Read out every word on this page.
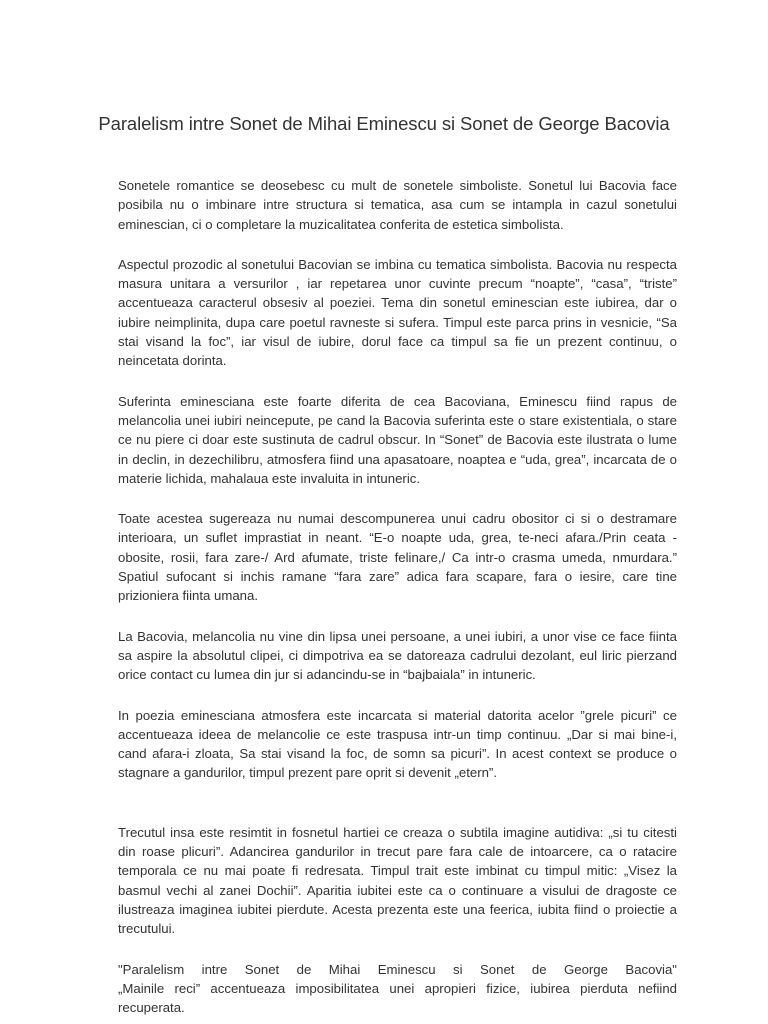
Paralelism intre Sonet de Mihai Eminescu si Sonet de George Bacovia

Sonetele romantice se deosebesc cu mult de sonetele simboliste. Sonetul lui Bacovia face posibila nu o imbinare intre structura si tematica, asa cum se intampla in cazul sonetului eminescian, ci o completare la muzicalitatea conferita de estetica simbolista.

Aspectul prozodic al sonetului Bacovian se imbina cu tematica simbolista. Bacovia nu respecta masura unitara a versurilor , iar repetarea unor cuvinte precum “noapte”, “casa”, “triste” accentueaza caracterul obsesiv al poeziei. Tema din sonetul eminescian este iubirea, dar o iubire neimplinita, dupa care poetul ravneste si sufera. Timpul este parca prins in vesnicie, “Sa stai visand la foc”, iar visul de iubire, dorul face ca timpul sa fie un prezent continuu, o neincetata dorinta.

Suferinta eminesciana este foarte diferita de cea Bacoviana, Eminescu fiind rapus de melancolia unei iubiri neincepute, pe cand la Bacovia suferinta este o stare existentiala, o stare ce nu piere ci doar este sustinuta de cadrul obscur. In “Sonet” de Bacovia este ilustrata o lume in declin, in dezechilibru, atmosfera fiind una apasatoare, noaptea e “uda, grea”, incarcata de o materie lichida, mahalaua este invaluita in intuneric.

Toate acestea sugereaza nu numai descompunerea unui cadru obositor ci si o destramare interioara, un suflet imprastiat in neant. “E-o noapte uda, grea, te-neci afara./Prin ceata - obosite, rosii, fara zare-/ Ard afumate, triste felinare,/ Ca intr-o crasma umeda, nmurdara.” Spatiul sufocant si inchis ramane “fara zare” adica fara scapare, fara o iesire, care tine prizioniera fiinta umana.

La Bacovia, melancolia nu vine din lipsa unei persoane, a unei iubiri, a unor vise ce face fiinta sa aspire la absolutul clipei, ci dimpotriva ea se datoreaza cadrului dezolant, eul liric pierzand orice contact cu lumea din jur si adancindu-se in “bajbaiala” in intuneric.

In poezia eminesciana atmosfera este incarcata si material datorita acelor ”grele picuri” ce accentueaza ideea de melancolie ce este traspusa intr-un timp continuu. „Dar si mai bine-i, cand afara-i zloata, Sa stai visand la foc, de somn sa picuri”. In acest context se produce o stagnare a gandurilor, timpul prezent pare oprit si devenit „etern”.

Trecutul insa este resimtit in fosnetul hartiei ce creaza o subtila imagine autidiva: „si tu citesti din roase plicuri”. Adancirea gandurilor in trecut pare fara cale de intoarcere, ca o ratacire temporala ce nu mai poate fi redresata. Timpul trait este imbinat cu timpul mitic: „Visez la basmul vechi al zanei Dochii”. Aparitia iubitei este ca o continuare a visului de dragoste ce ilustreaza imaginea iubitei pierdute. Acesta prezenta este una feerica, iubita fiind o proiectie a trecutului.

"Paralelism intre Sonet de Mihai Eminescu si Sonet de George Bacovia"
„Mainile reci” accentueaza imposibilitatea unei apropieri fizice, iubirea pierduta nefiind recuperata.
